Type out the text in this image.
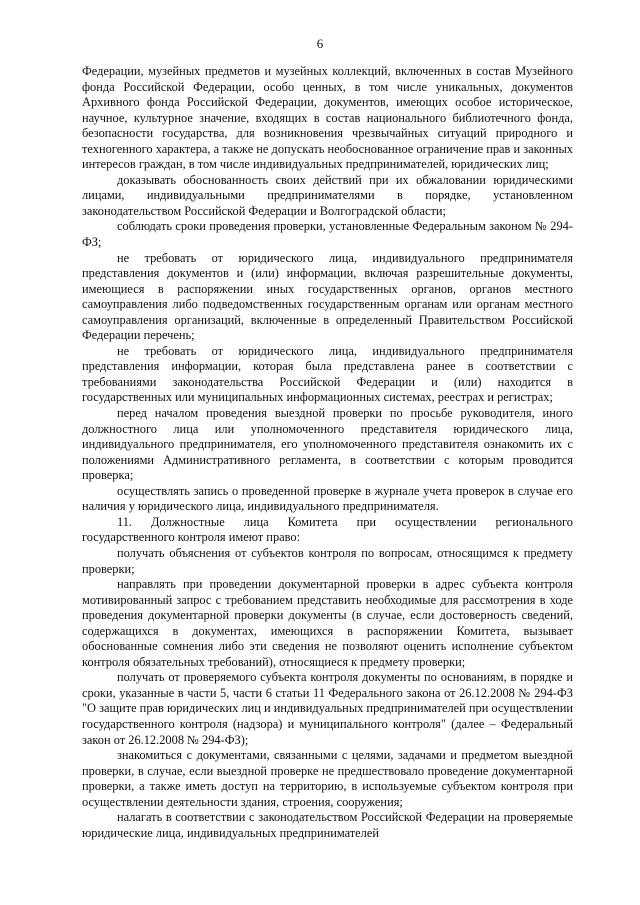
6

Федерации, музейных предметов и музейных коллекций, включенных в состав Музейного фонда Российской Федерации, особо ценных, в том числе уникальных, документов Архивного фонда Российской Федерации, документов, имеющих особое историческое, научное, культурное значение, входящих в состав национального библиотечного фонда, безопасности государства, для возникновения чрезвычайных ситуаций природного и техногенного характера, а также не допускать необоснованное ограничение прав и законных интересов граждан, в том числе индивидуальных предпринимателей, юридических лиц;

доказывать обоснованность своих действий при их обжаловании юридическими лицами, индивидуальными предпринимателями в порядке, установленном законодательством Российской Федерации и Волгоградской области;

соблюдать сроки проведения проверки, установленные Федеральным законом № 294-ФЗ;

не требовать от юридического лица, индивидуального предпринимателя представления документов и (или) информации, включая разрешительные документы, имеющиеся в распоряжении иных государственных органов, органов местного самоуправления либо подведомственных государственным органам или органам местного самоуправления организаций, включенные в определенный Правительством Российской Федерации перечень;

не требовать от юридического лица, индивидуального предпринимателя представления информации, которая была представлена ранее в соответствии с требованиями законодательства Российской Федерации и (или) находится в государственных или муниципальных информационных системах, реестрах и регистрах;

перед началом проведения выездной проверки по просьбе руководителя, иного должностного лица или уполномоченного представителя юридического лица, индивидуального предпринимателя, его уполномоченного представителя ознакомить их с положениями Административного регламента, в соответствии с которым проводится проверка;

осуществлять запись о проведенной проверке в журнале учета проверок в случае его наличия у юридического лица, индивидуального предпринимателя.

11. Должностные лица Комитета при осуществлении регионального государственного контроля имеют право:

получать объяснения от субъектов контроля по вопросам, относящимся к предмету проверки;

направлять при проведении документарной проверки в адрес субъекта контроля мотивированный запрос с требованием представить необходимые для рассмотрения в ходе проведения документарной проверки документы (в случае, если достоверность сведений, содержащихся в документах, имеющихся в распоряжении Комитета, вызывает обоснованные сомнения либо эти сведения не позволяют оценить исполнение субъектом контроля обязательных требований), относящиеся к предмету проверки;

получать от проверяемого субъекта контроля документы по основаниям, в порядке и сроки, указанные в части 5, части 6 статьи 11 Федерального закона от 26.12.2008 № 294-ФЗ "О защите прав юридических лиц и индивидуальных предпринимателей при осуществлении государственного контроля (надзора) и муниципального контроля" (далее – Федеральный закон от 26.12.2008 № 294-ФЗ);

знакомиться с документами, связанными с целями, задачами и предметом выездной проверки, в случае, если выездной проверке не предшествовало проведение документарной проверки, а также иметь доступ на территорию, в используемые субъектом контроля при осуществлении деятельности здания, строения, сооружения;

налагать в соответствии с законодательством Российской Федерации на проверяемые юридические лица, индивидуальных предпринимателей
